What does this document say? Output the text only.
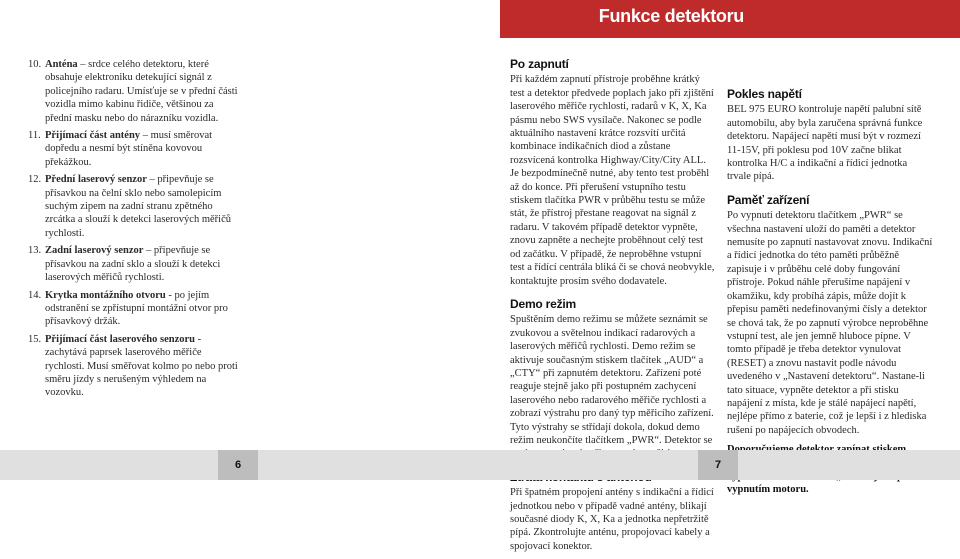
Funkce detektoru
10. Anténa – srdce celého detektoru, které obsahuje elektroniku detekující signál z policejního radaru. Umísťuje se v přední části vozidla mimo kabinu řidiče, většinou za přední masku nebo do nárazníku vozidla.
11. Přijímací část antény – musí směrovat dopředu a nesmí být stíněna kovovou překážkou.
12. Přední laserový senzor – připevňuje se přísavkou na čelní sklo nebo samolepicím suchým zipem na zadní stranu zpětného zrcátka a slouží k detekci laserových měřičů rychlosti.
13. Zadní laserový senzor – připevňuje se přísavkou na zadní sklo a slouží k detekci laserových měřičů rychlosti.
14. Krytka montážního otvoru - po jejím odstranění se zpřístupní montážní otvor pro přísavkový držák.
15. Přijímací část laserového senzoru - zachytává paprsek laserového měřiče rychlosti. Musí směřovat kolmo po nebo proti směru jízdy s nerušeným výhledem na vozovku.
Po zapnutí

Při každém zapnutí přístroje proběhne krátký test a detektor předvede poplach jako při zjištění laserového měřiče rychlosti, radarů v K, X, Ka pásmu nebo SWS vysílače. Nakonec se podle aktuálního nastavení krátce rozsvítí určitá kombinace indikačních diod a zůstane rozsvícená kontrolka Highway/City/City ALL. Je bezpodmínečně nutné, aby tento test proběhl až do konce. Při přerušení vstupního testu stiskem tlačítka PWR v průběhu testu se může stát, že přístroj přestane reagovat na signál z radaru. V takovém případě detektor vypněte, znovu zapněte a nechejte proběhnout celý test od začátku. V případě, že neproběhne vstupní test a řídící centrála bliká či se chová neobvykle, kontaktujte prosím svého dodavatele.

Demo režim

Spuštěním demo režimu se můžete seznámit se zvukovou a světelnou indikací radarových a laserových měřičů rychlosti. Demo režim se aktivuje současným stiskem tlačítek „AUD“ a „CTY“ při zapnutém detektoru. Zařízení poté reaguje stejně jako při postupném zachycení laserového nebo radarového měřiče rychlosti a zobrazí výstrahu pro daný typ měřicího zařízení. Tyto výstrahy se střídají dokola, dokud demo režim neukončíte tlačítkem „PWR“. Detektor se

Při špatném propojení antény s indikační a řídicí jednotkou nebo v případě vadné antény, blikají současné diody K, X, Ka a jednotka nepřetržitě pípá. Zkontrolujte anténu, propojovací kabely a spojovací konektor.

Pokles napětí

BEL 975 EURO kontroluje napětí palubní sítě automobilu, aby byla zaručena správná funkce detektoru. Napájecí napětí musí být v rozmezí 11-15V, při poklesu pod 10V začne blikat kontrolka H/C a indikační a řídicí jednotka trvale pípá.

Paměť zařízení

Po vypnutí detektoru tlačítkem „PWR“ se všechna nastavení uloží do paměti a detektor nemusíte po zapnutí nastavovat znovu. Indikační a řídicí jednotka do této paměti průběžně zapisuje i v průběhu celé doby fungování přístroje. Pokud náhle přerušíme napájení v okamžiku, kdy probíhá zápis, může dojít k přepisu paměti nedefinovanými čísly a detektor se chová tak, že po zapnutí výrobce neproběhne vstupní test, ale jen jemně hluboce pípne. V tomto případě je třeba detektor vynulovat (RESET) a znovu nastavit podle návodu uvedeného v „Nastavení detektoru“. Nastane-li tato situace, vypněte detektor a při stisku napájení z místa, kde je stálé napájecí napětí, nejlépe přímo z baterie, což je lepší i z hlediska rušení po napájecích obvodech.

vypnutím motoru.

6	7
